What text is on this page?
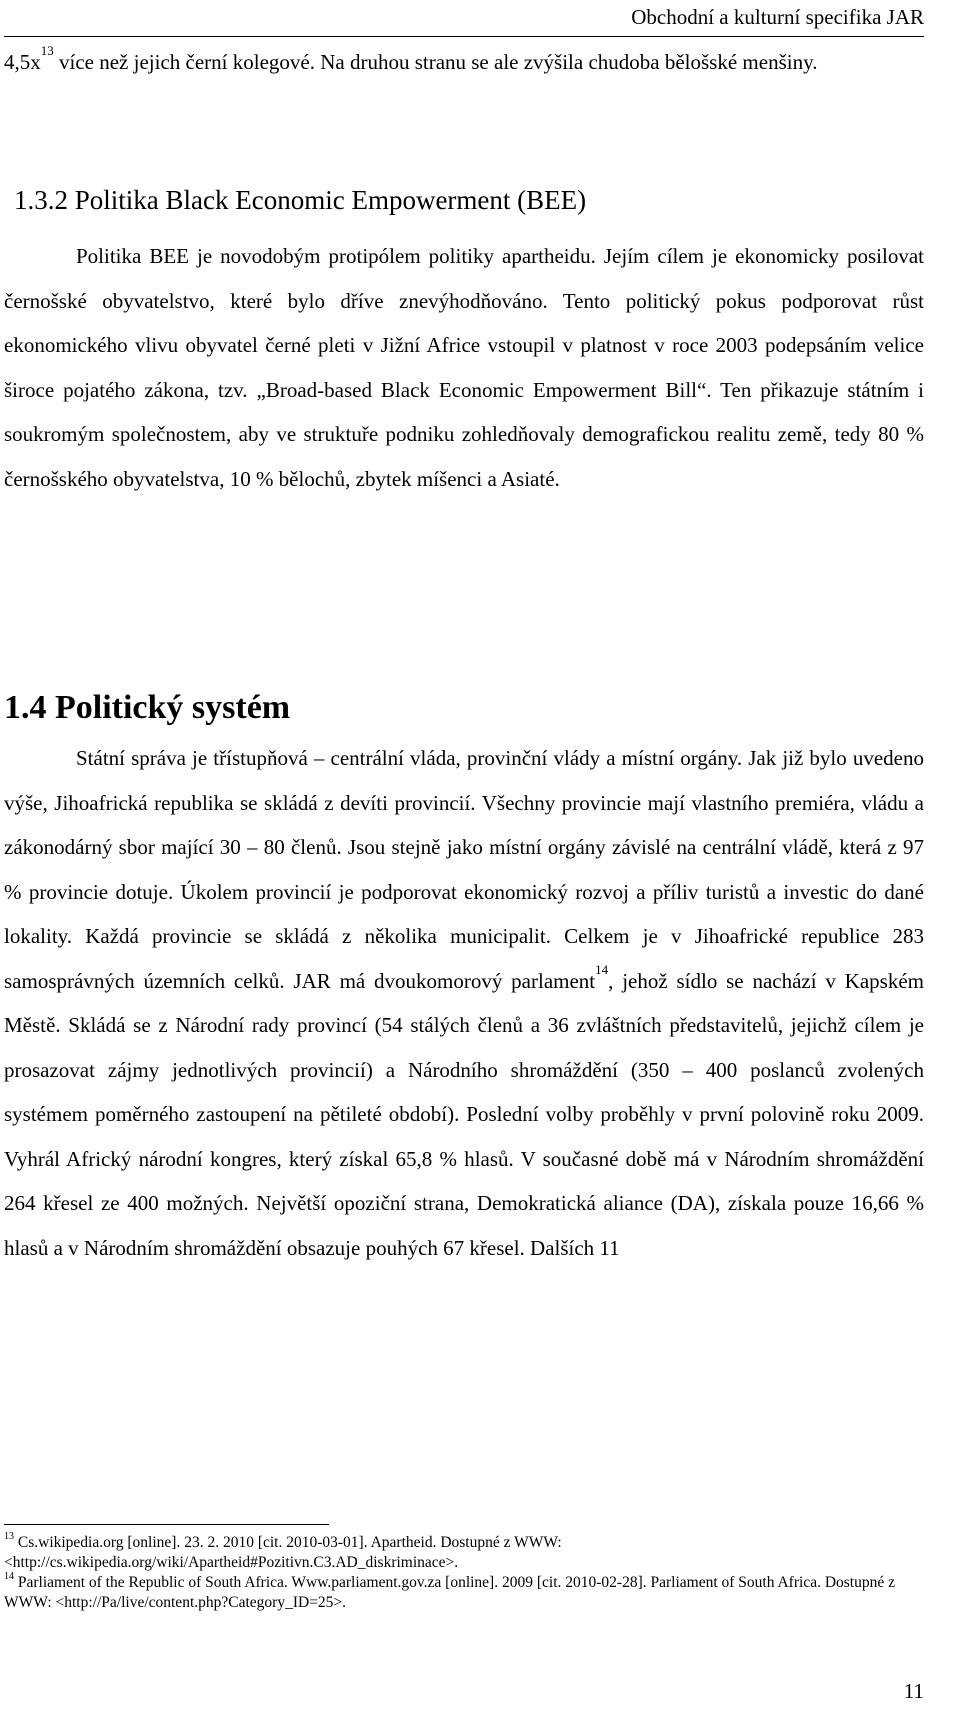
Obchodní a kulturní specifika JAR

$4,5x^{13}$ více než jejich černí kolegové. Na druhou stranu se ale zvýšila chudoba bělošské menšiny.

1.3.2 Politika Black Economic Empowerment (BEE)

Politika BEE je novodobým protipólem politiky apartheidu. Jejím cílem je ekonomicky posilovat černošské obyvatelstvo, které bylo dříve znevýhodňováno. Tento politický pokus podporovat růst ekonomického vlivu obyvatel černé pleti v Jižní Africe vstoupil v platnost v roce 2003 podepsáním velice široce pojatého zákona, tzv. „Broad-based Black Economic Empowerment Bill“. Ten přikazuje státním i soukromým společnostem, aby ve struktuře podniku zohledňovaly demografickou realitu země, tedy 80 % černošského obyvatelstva, 10 % bělochů, zbytek míšenci a Asiaté.

1.4 Politický systém

Státní správa je třístupňová – centrální vláda, provinční vlády a místní orgány. Jak již bylo uvedeno výše, Jihoafrická republika se skládá z devíti provincií. Všechny provincie mají vlastního premiéra, vládu a zákonodárný sbor mající 30 – 80 členů. Jsou stejně jako místní orgány závislé na centrální vládě, která z 97 % provincie dotuje. Úkolem provincií je podporovat ekonomický rozvoj a příliv turistů a investic do dané lokality. Každá provincie se skládá z několika municipalit. Celkem je v Jihoafrické republice 283 samosprávných územních celků. JAR má dvoukomorový parlament$^{14}$, jehož sídlo se nachází v Kapském Městě. Skládá se z Národní rady provincí (54 stálých členů a 36 zvláštních představitelů, jejichž cílem je prosazovat zájmy jednotlivých provincií) a Národního shromáždění (350 – 400 poslanců zvolených systémem poměrného zastoupení na pětileté období). Poslední volby proběhly v první polovině roku 2009. Vyhrál Africký národní kongres, který získal 65,8 % hlasů. V současné době má v Národním shromáždění 264 křesel ze 400 možných. Největší opoziční strana, Demokratická aliance (DA), získala pouze 16,66 % hlasů a v Národním shromáždění obsazuje pouhých 67 křesel. Dalších 11

$^{13}$ Cs.wikipedia.org [online]. 23. 2. 2010 [cit. 2010-03-01]. Apartheid. Dostupné z WWW: <http://cs.wikipedia.org/wiki/Apartheid#Pozitivn.C3.AD_diskriminace>.

$^{14}$ Parliament of the Republic of South Africa. Www.parliament.gov.za [online]. 2009 [cit. 2010-02-28]. Parliament of South Africa. Dostupné z WWW: <http://Pa/live/content.php?Category_ID=25>.

11
